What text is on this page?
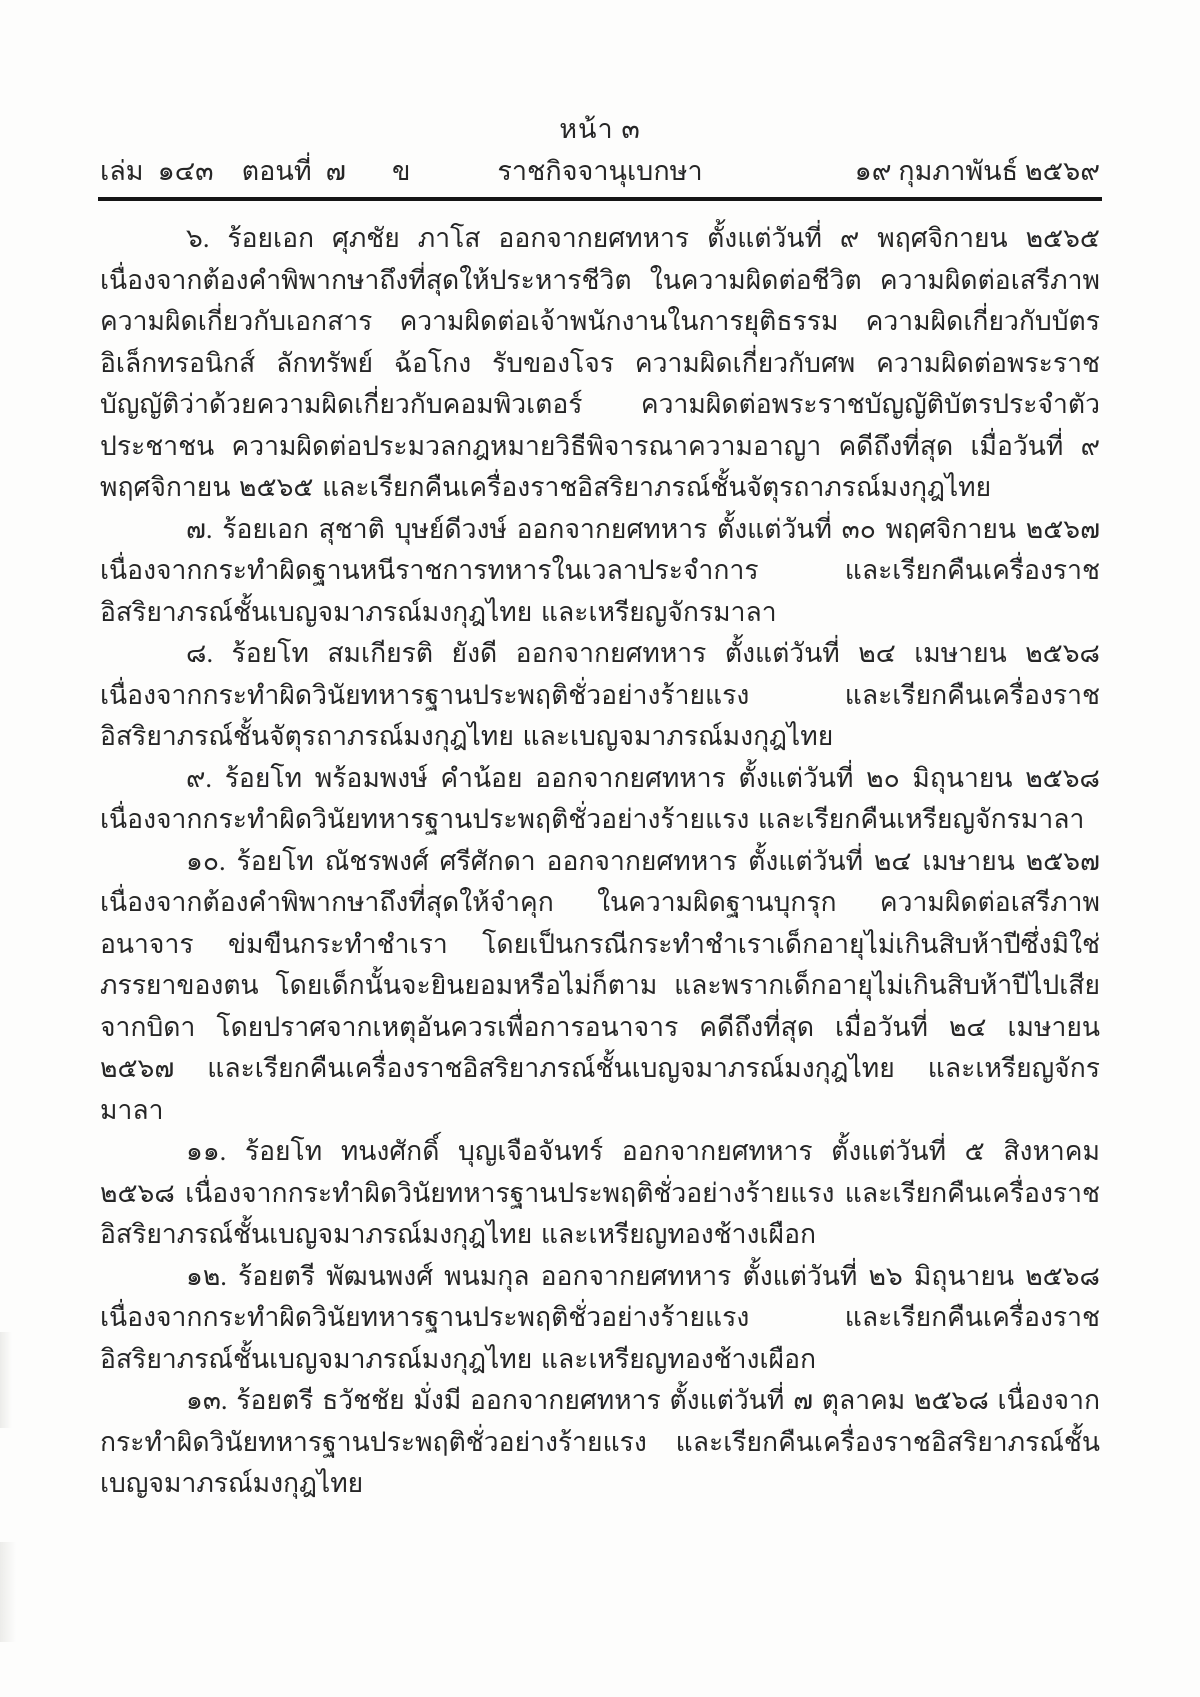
หน้า ๓
เล่ม ๑๔๓ ตอนที่ ๗ ข	ราชกิจจานุเบกษา	๑๙ กุมภาพันธ์ ๒๕๖๙

๖. ร้อยเอก ศุภชัย ภาโส ออกจากยศทหาร ตั้งแต่วันที่ ๙ พฤศจิกายน ๒๕๖๕ เนื่องจากต้องคำพิพากษาถึงที่สุดให้ประหารชีวิต ในความผิดต่อชีวิต ความผิดต่อเสรีภาพ ความผิดเกี่ยวกับเอกสาร ความผิดต่อเจ้าพนักงานในการยุติธรรม ความผิดเกี่ยวกับบัตรอิเล็กทรอนิกส์ ลักทรัพย์ ฉ้อโกง รับของโจร ความผิดเกี่ยวกับศพ ความผิดต่อพระราชบัญญัติว่าด้วยความผิดเกี่ยวกับคอมพิวเตอร์ ความผิดต่อพระราชบัญญัติบัตรประจำตัวประชาชน ความผิดต่อประมวลกฎหมายวิธีพิจารณาความอาญา คดีถึงที่สุด เมื่อวันที่ ๙ พฤศจิกายน ๒๕๖๕ และเรียกคืนเครื่องราชอิสริยาภรณ์ชั้นจัตุรถาภรณ์มงกุฎไทย

๗. ร้อยเอก สุชาติ บุษย์ดีวงษ์ ออกจากยศทหาร ตั้งแต่วันที่ ๓๐ พฤศจิกายน ๒๕๖๗ เนื่องจากกระทำผิดฐานหนีราชการทหารในเวลาประจำการ และเรียกคืนเครื่องราชอิสริยาภรณ์ชั้นเบญจมาภรณ์มงกุฎไทย และเหรียญจักรมาลา

๘. ร้อยโท สมเกียรติ ยังดี ออกจากยศทหาร ตั้งแต่วันที่ ๒๔ เมษายน ๒๕๖๘ เนื่องจากกระทำผิดวินัยทหารฐานประพฤติชั่วอย่างร้ายแรง และเรียกคืนเครื่องราชอิสริยาภรณ์ชั้นจัตุรถาภรณ์มงกุฎไทย และเบญจมาภรณ์มงกุฎไทย

๙. ร้อยโท พร้อมพงษ์ คำน้อย ออกจากยศทหาร ตั้งแต่วันที่ ๒๐ มิถุนายน ๒๕๖๘ เนื่องจากกระทำผิดวินัยทหารฐานประพฤติชั่วอย่างร้ายแรง และเรียกคืนเหรียญจักรมาลา

๑๐. ร้อยโท ณัชรพงศ์ ศรีศักดา ออกจากยศทหาร ตั้งแต่วันที่ ๒๔ เมษายน ๒๕๖๗ เนื่องจากต้องคำพิพากษาถึงที่สุดให้จำคุก ในความผิดฐานบุกรุก ความผิดต่อเสรีภาพ อนาจาร ข่มขืนกระทำชำเรา โดยเป็นกรณีกระทำชำเราเด็กอายุไม่เกินสิบห้าปีซึ่งมิใช่ภรรยาของตน โดยเด็กนั้นจะยินยอมหรือไม่ก็ตาม และพรากเด็กอายุไม่เกินสิบห้าปีไปเสียจากบิดา โดยปราศจากเหตุอันควรเพื่อการอนาจาร คดีถึงที่สุด เมื่อวันที่ ๒๔ เมษายน ๒๕๖๗ และเรียกคืนเครื่องราชอิสริยาภรณ์ชั้นเบญจมาภรณ์มงกุฎไทย และเหรียญจักรมาลา

๑๑. ร้อยโท ทนงศักดิ์ บุญเจือจันทร์ ออกจากยศทหาร ตั้งแต่วันที่ ๕ สิงหาคม ๒๕๖๘ เนื่องจากกระทำผิดวินัยทหารฐานประพฤติชั่วอย่างร้ายแรง และเรียกคืนเครื่องราชอิสริยาภรณ์ชั้นเบญจมาภรณ์มงกุฎไทย และเหรียญทองช้างเผือก

๑๒. ร้อยตรี พัฒนพงศ์ พนมกุล ออกจากยศทหาร ตั้งแต่วันที่ ๒๖ มิถุนายน ๒๕๖๘ เนื่องจากกระทำผิดวินัยทหารฐานประพฤติชั่วอย่างร้ายแรง และเรียกคืนเครื่องราชอิสริยาภรณ์ชั้นเบญจมาภรณ์มงกุฎไทย และเหรียญทองช้างเผือก

๑๓. ร้อยตรี ธวัชชัย มั่งมี ออกจากยศทหาร ตั้งแต่วันที่ ๗ ตุลาคม ๒๕๖๘ เนื่องจากกระทำผิดวินัยทหารฐานประพฤติชั่วอย่างร้ายแรง และเรียกคืนเครื่องราชอิสริยาภรณ์ชั้นเบญจมาภรณ์มงกุฎไทย
